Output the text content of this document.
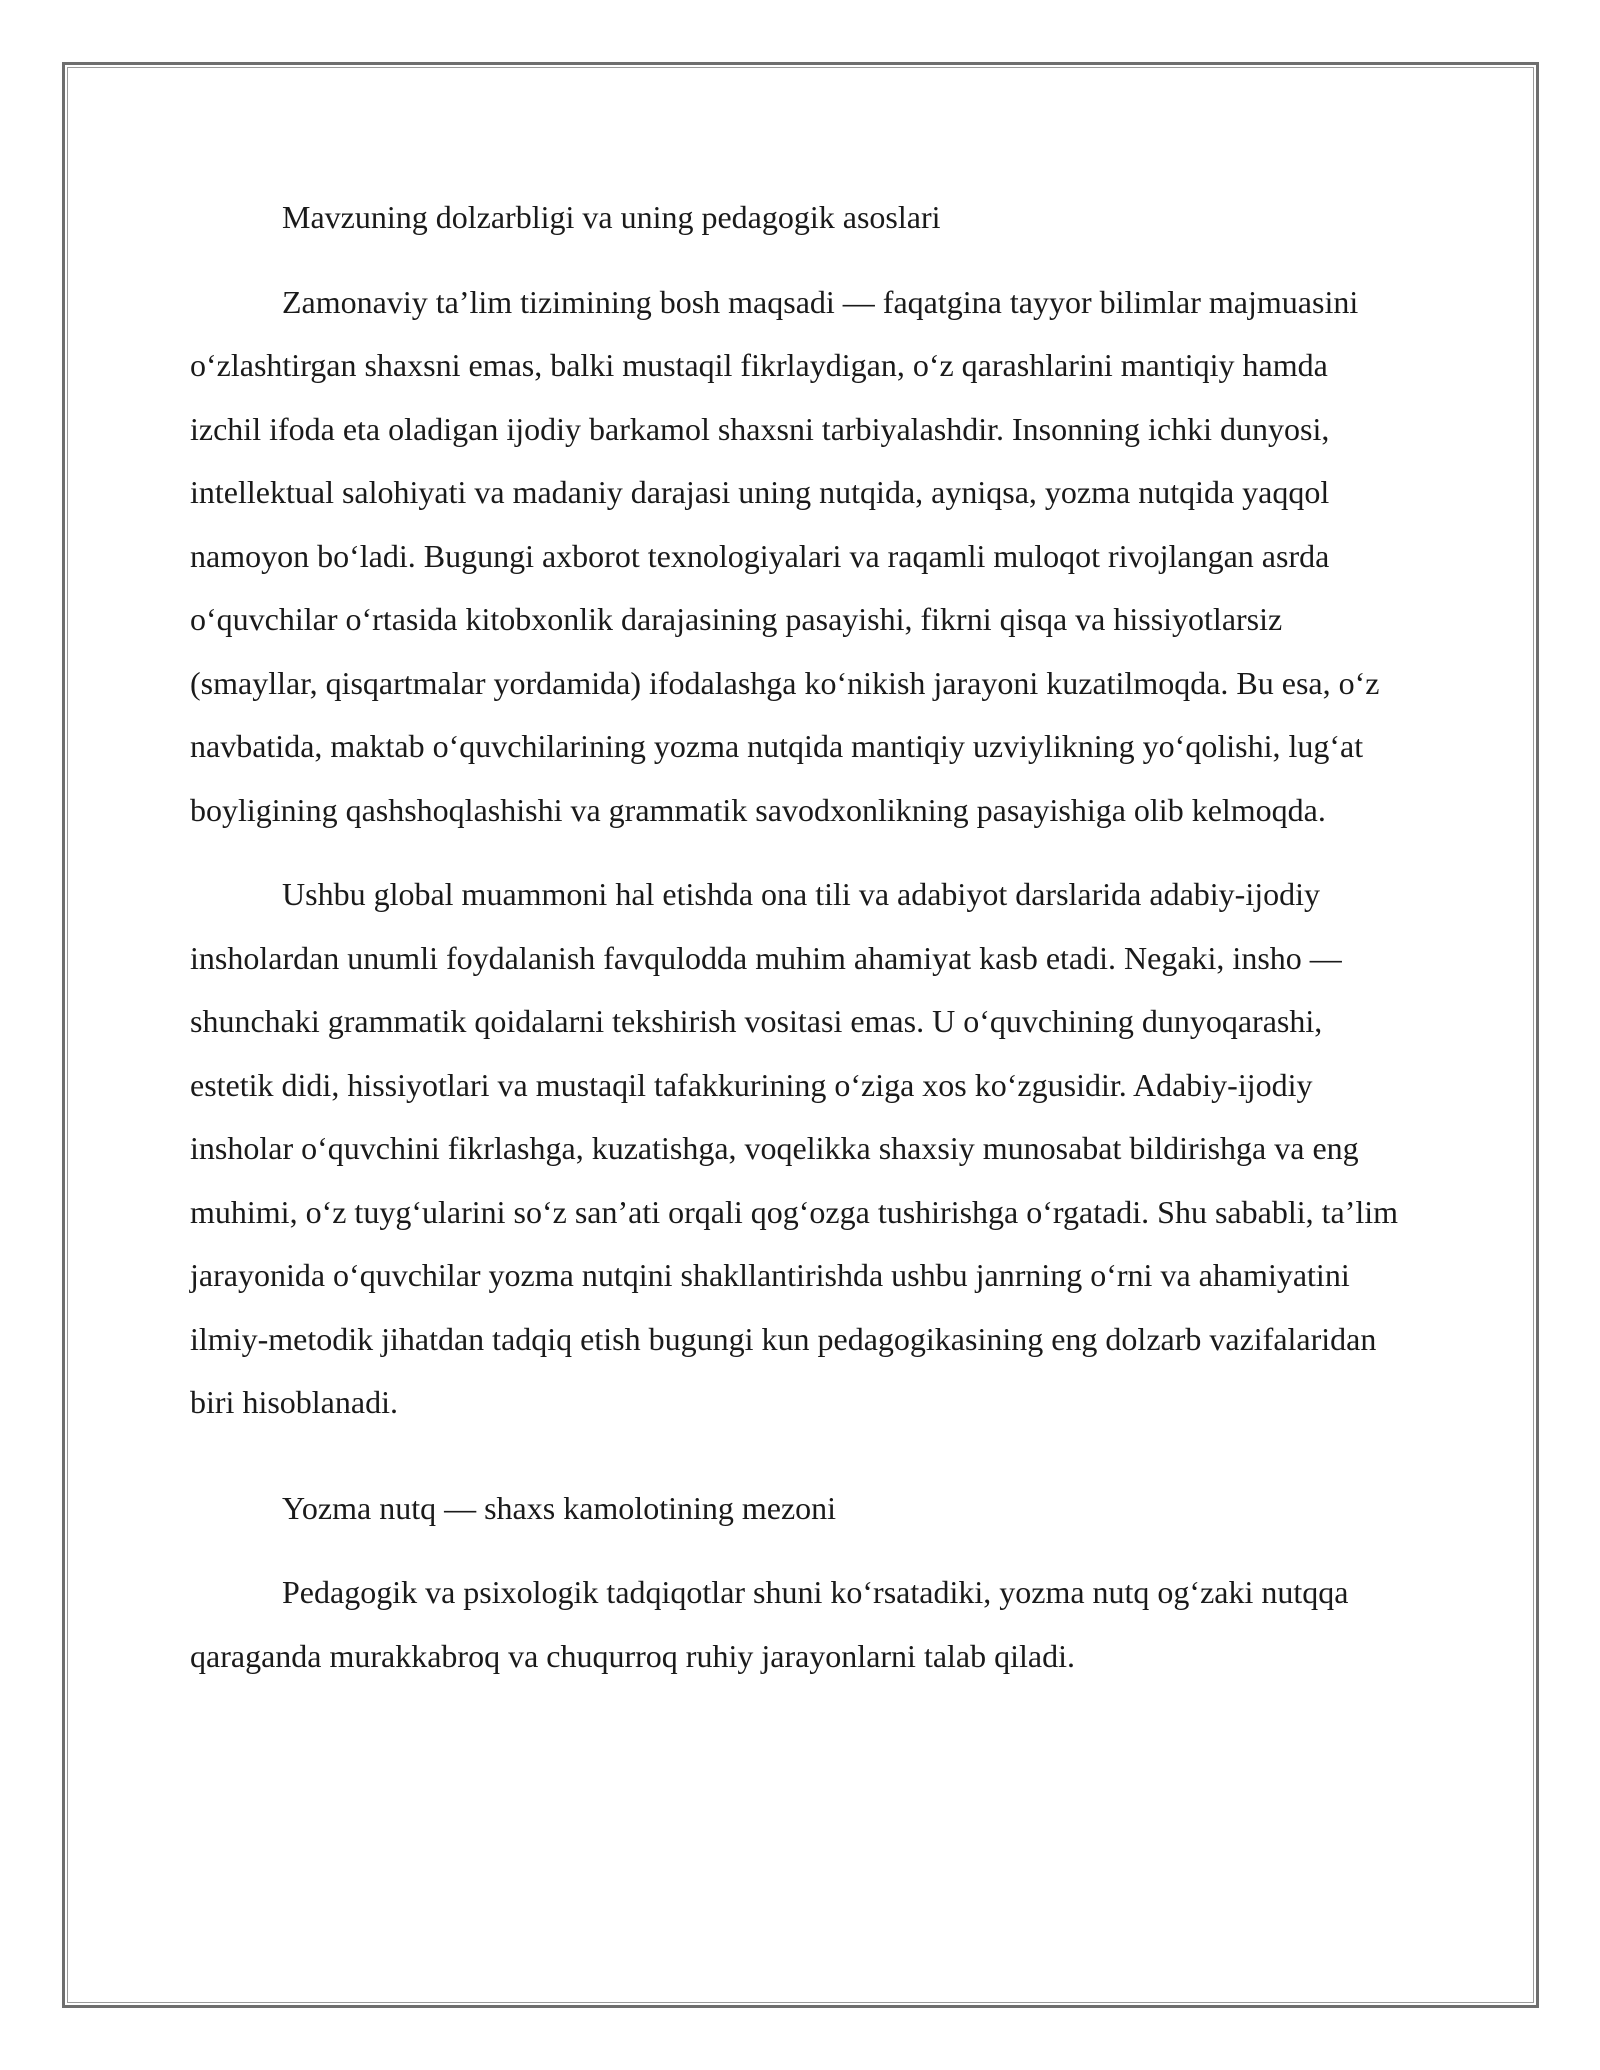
Mavzuning dolzarbligi va uning pedagogik asoslari

Zamonaviy ta’lim tizimining bosh maqsadi — faqatgina tayyor bilimlar majmuasini o‘zlashtirgan shaxsni emas, balki mustaqil fikrlaydigan, o‘z qarashlarini mantiqiy hamda izchil ifoda eta oladigan ijodiy barkamol shaxsni tarbiyalashdir. Insonning ichki dunyosi, intellektual salohiyati va madaniy darajasi uning nutqida, ayniqsa, yozma nutqida yaqqol namoyon bo‘ladi. Bugungi axborot texnologiyalari va raqamli muloqot rivojlangan asrda o‘quvchilar o‘rtasida kitobxonlik darajasining pasayishi, fikrni qisqa va hissiyotlarsiz (smayllar, qisqartmalar yordamida) ifodalashga ko‘nikish jarayoni kuzatilmoqda. Bu esa, o‘z navbatida, maktab o‘quvchilarining yozma nutqida mantiqiy uzviylikning yo‘qolishi, lug‘at boyligining qashshoqlashishi va grammatik savodxonlikning pasayishiga olib kelmoqda.

Ushbu global muammoni hal etishda ona tili va adabiyot darslarida adabiy-ijodiy insholardan unumli foydalanish favqulodda muhim ahamiyat kasb etadi. Negaki, insho — shunchaki grammatik qoidalarni tekshirish vositasi emas. U o‘quvchining dunyoqarashi, estetik didi, hissiyotlari va mustaqil tafakkurining o‘ziga xos ko‘zgusidir. Adabiy-ijodiy insholar o‘quvchini fikrlashga, kuzatishga, voqelikka shaxsiy munosabat bildirishga va eng muhimi, o‘z tuyg‘ularini so‘z san’ati orqali qog‘ozga tushirishga o‘rgatadi. Shu sababli, ta’lim jarayonida o‘quvchilar yozma nutqini shakllantirishda ushbu janrning o‘rni va ahamiyatini ilmiy-metodik jihatdan tadqiq etish bugungi kun pedagogikasining eng dolzarb vazifalaridan biri hisoblanadi.

Yozma nutq — shaxs kamolotining mezoni

Pedagogik va psixologik tadqiqotlar shuni ko‘rsatadiki, yozma nutq og‘zaki nutqqa qaraganda murakkabroq va chuqurroq ruhiy jarayonlarni talab qiladi.
